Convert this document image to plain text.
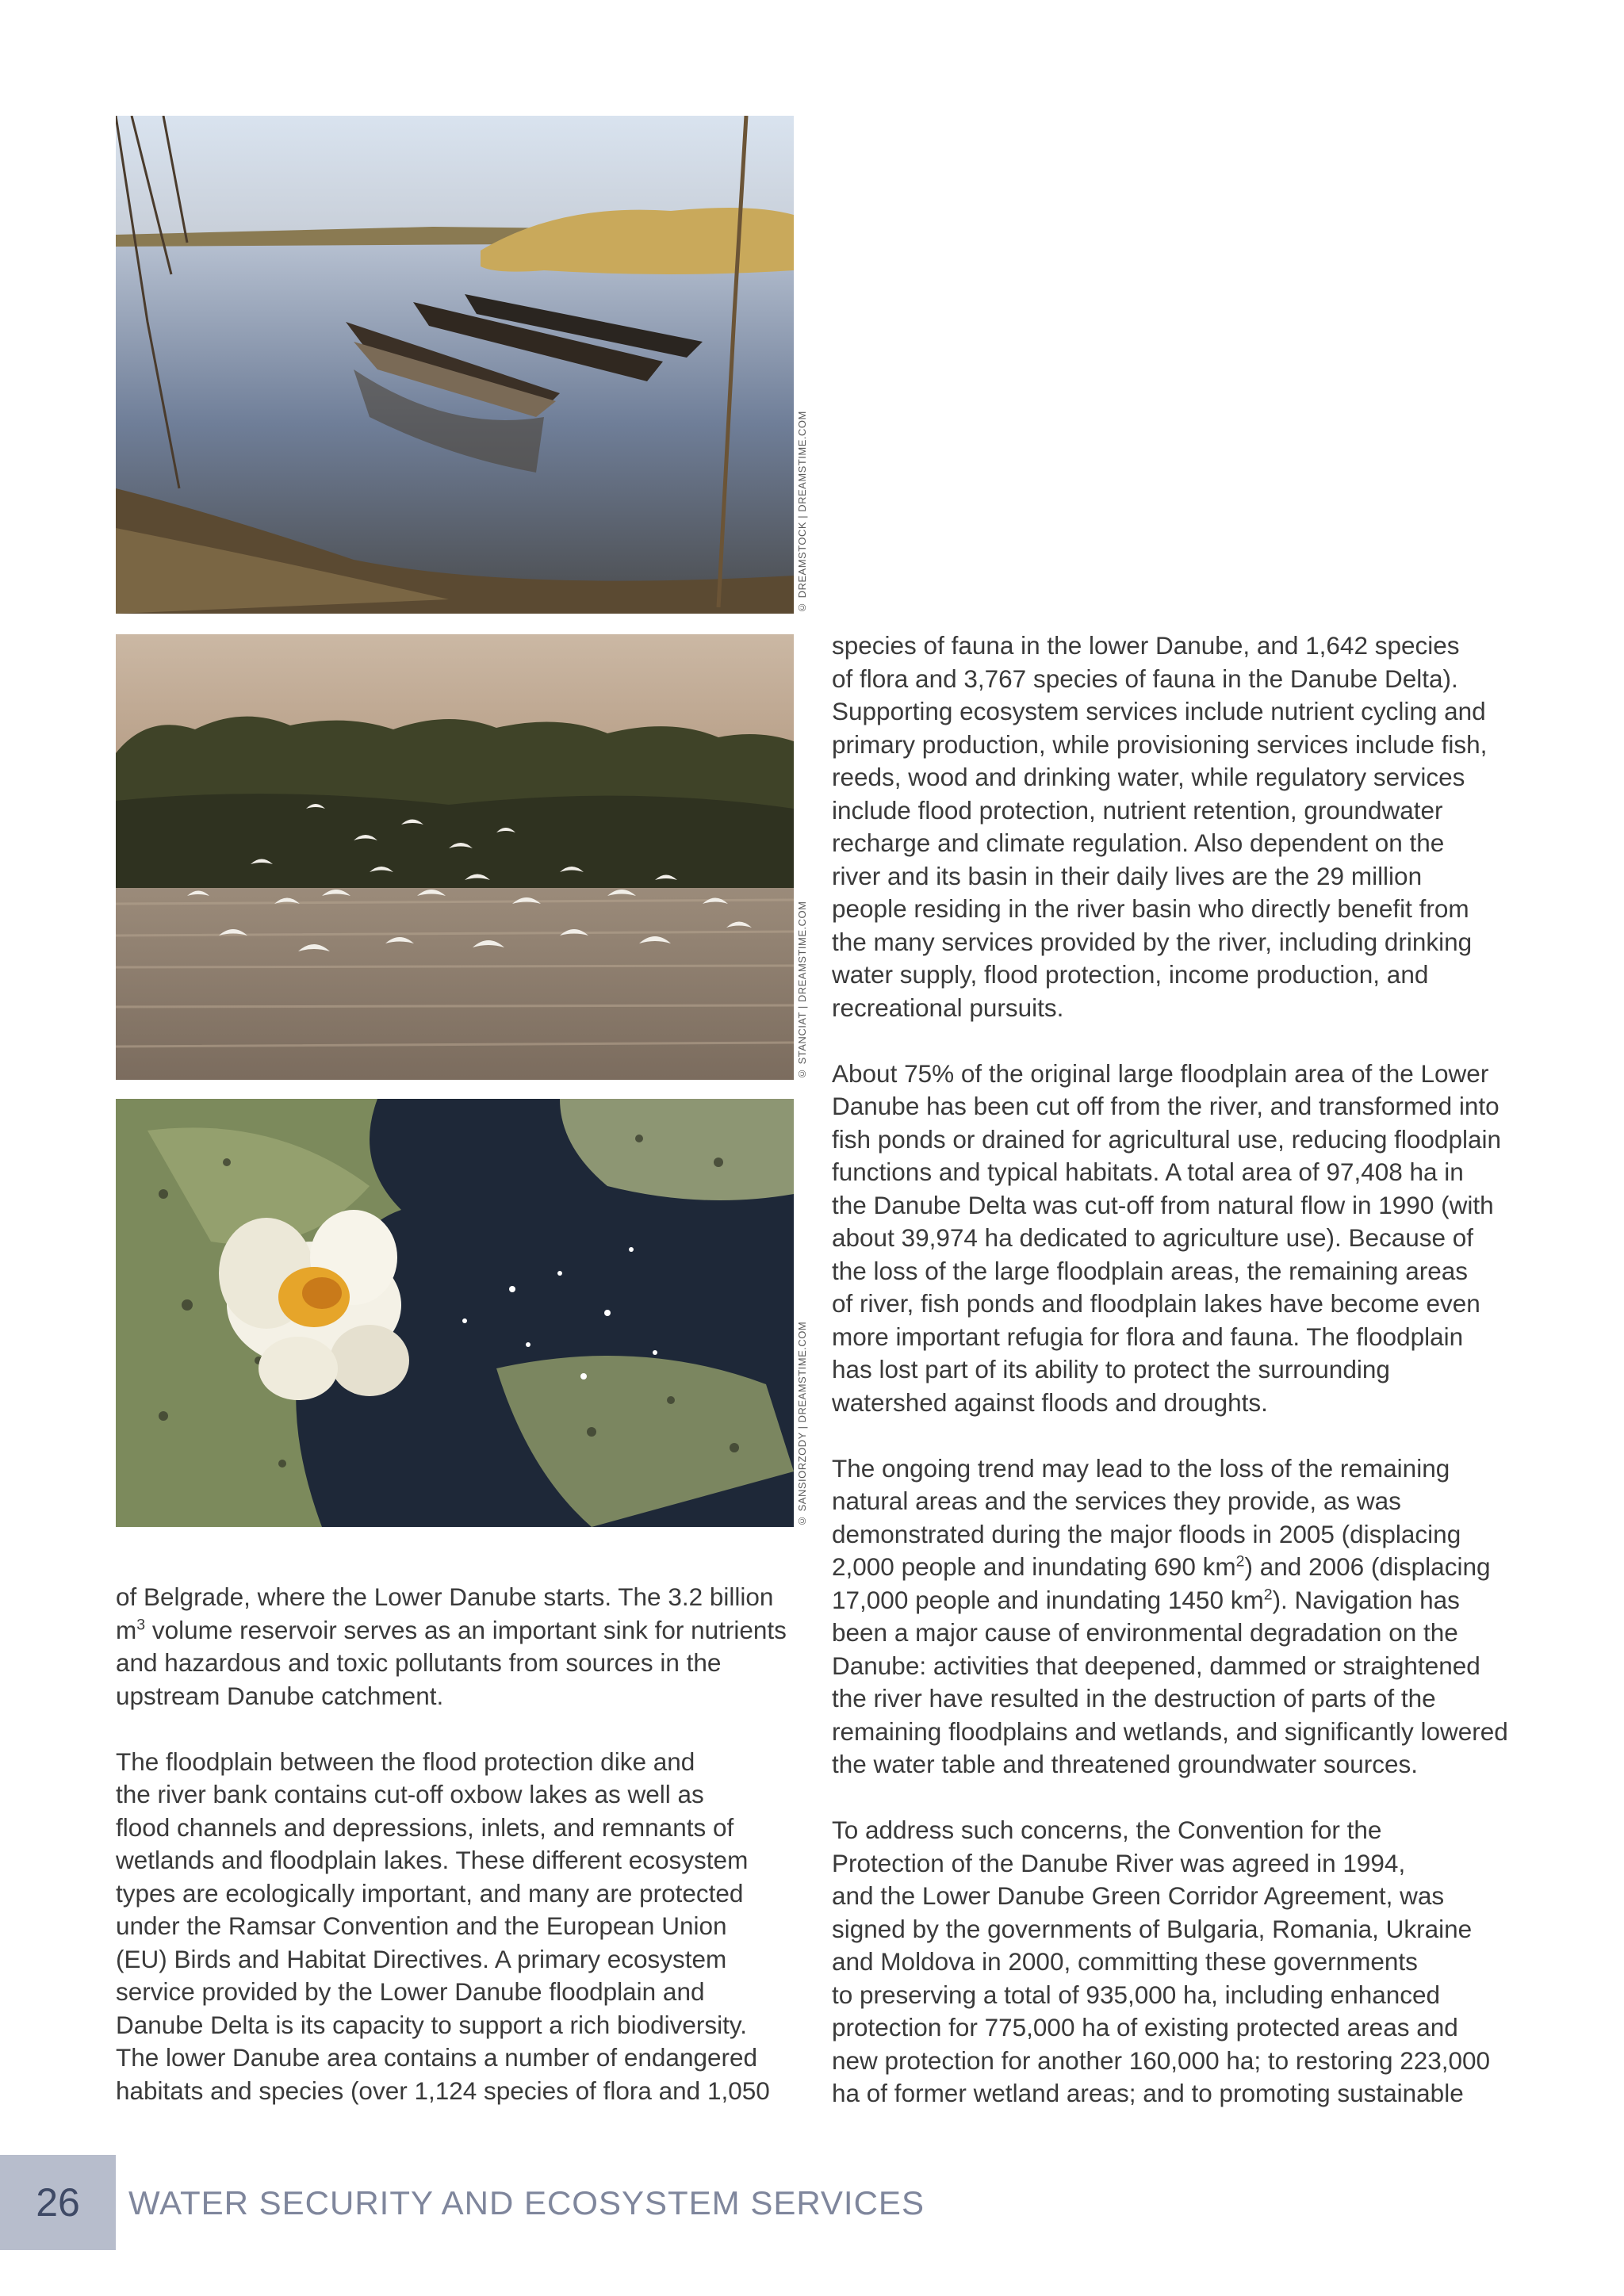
© DREAMSTOCK | DREAMSTIME.COM
© STANCIAT | DREAMSTIME.COM
© SANSIORZODY | DREAMSTIME.COM

of Belgrade, where the Lower Danube starts. The 3.2 billion
$m^3$ volume reservoir serves as an important sink for nutrients
and hazardous and toxic pollutants from sources in the
upstream Danube catchment.

The floodplain between the flood protection dike and
the river bank contains cut-off oxbow lakes as well as
flood channels and depressions, inlets, and remnants of
wetlands and floodplain lakes. These different ecosystem
types are ecologically important, and many are protected
under the Ramsar Convention and the European Union
(EU) Birds and Habitat Directives. A primary ecosystem
service provided by the Lower Danube floodplain and
Danube Delta is its capacity to support a rich biodiversity.
The lower Danube area contains a number of endangered
habitats and species (over 1,124 species of flora and 1,050

species of fauna in the lower Danube, and 1,642 species
of flora and 3,767 species of fauna in the Danube Delta).
Supporting ecosystem services include nutrient cycling and
primary production, while provisioning services include fish,
reeds, wood and drinking water, while regulatory services
include flood protection, nutrient retention, groundwater
recharge and climate regulation. Also dependent on the
river and its basin in their daily lives are the 29 million
people residing in the river basin who directly benefit from
the many services provided by the river, including drinking
water supply, flood protection, income production, and
recreational pursuits.

About 75% of the original large floodplain area of the Lower
Danube has been cut off from the river, and transformed into
fish ponds or drained for agricultural use, reducing floodplain
functions and typical habitats. A total area of 97,408 ha in
the Danube Delta was cut-off from natural flow in 1990 (with
about 39,974 ha dedicated to agriculture use). Because of
the loss of the large floodplain areas, the remaining areas
of river, fish ponds and floodplain lakes have become even
more important refugia for flora and fauna. The floodplain
has lost part of its ability to protect the surrounding
watershed against floods and droughts.

The ongoing trend may lead to the loss of the remaining
natural areas and the services they provide, as was
demonstrated during the major floods in 2005 (displacing
2,000 people and inundating 690 $km^2$) and 2006 (displacing
17,000 people and inundating 1450 $km^2$). Navigation has
been a major cause of environmental degradation on the
Danube: activities that deepened, dammed or straightened
the river have resulted in the destruction of parts of the
remaining floodplains and wetlands, and significantly lowered
the water table and threatened groundwater sources.

To address such concerns, the Convention for the
Protection of the Danube River was agreed in 1994,
and the Lower Danube Green Corridor Agreement, was
signed by the governments of Bulgaria, Romania, Ukraine
and Moldova in 2000, committing these governments
to preserving a total of 935,000 ha, including enhanced
protection for 775,000 ha of existing protected areas and
new protection for another 160,000 ha; to restoring 223,000
ha of former wetland areas; and to promoting sustainable

26	WATER SECURITY AND ECOSYSTEM SERVICES
